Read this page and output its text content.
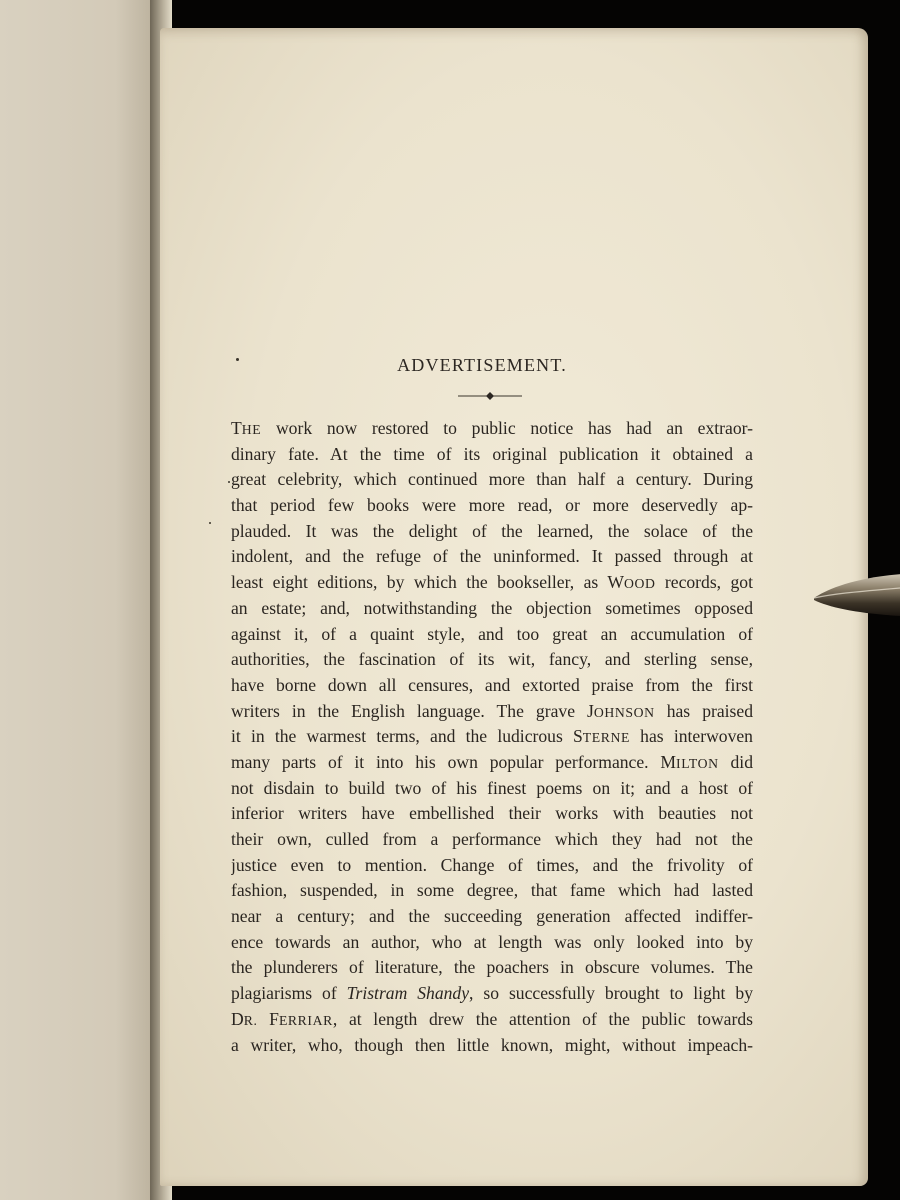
ADVERTISEMENT.
THE work now restored to public notice has had an extraor-
dinary fate. At the time of its original publication it obtained a
great celebrity, which continued more than half a century. During
that period few books were more read, or more deservedly ap-
plauded. It was the delight of the learned, the solace of the
indolent, and the refuge of the uninformed. It passed through at
least eight editions, by which the bookseller, as WOOD records, got
an estate; and, notwithstanding the objection sometimes opposed
against it, of a quaint style, and too great an accumulation of
authorities, the fascination of its wit, fancy, and sterling sense,
have borne down all censures, and extorted praise from the first
writers in the English language. The grave JOHNSON has praised
it in the warmest terms, and the ludicrous STERNE has interwoven
many parts of it into his own popular performance. MILTON did
not disdain to build two of his finest poems on it; and a host of
inferior writers have embellished their works with beauties not
their own, culled from a performance which they had not the
justice even to mention. Change of times, and the frivolity of
fashion, suspended, in some degree, that fame which had lasted
near a century; and the succeeding generation affected indiffer-
ence towards an author, who at length was only looked into by
the plunderers of literature, the poachers in obscure volumes. The
plagiarisms of Tristram Shandy, so successfully brought to light by
DR. FERRIAR, at length drew the attention of the public towards
a writer, who, though then little known, might, without impeach-
